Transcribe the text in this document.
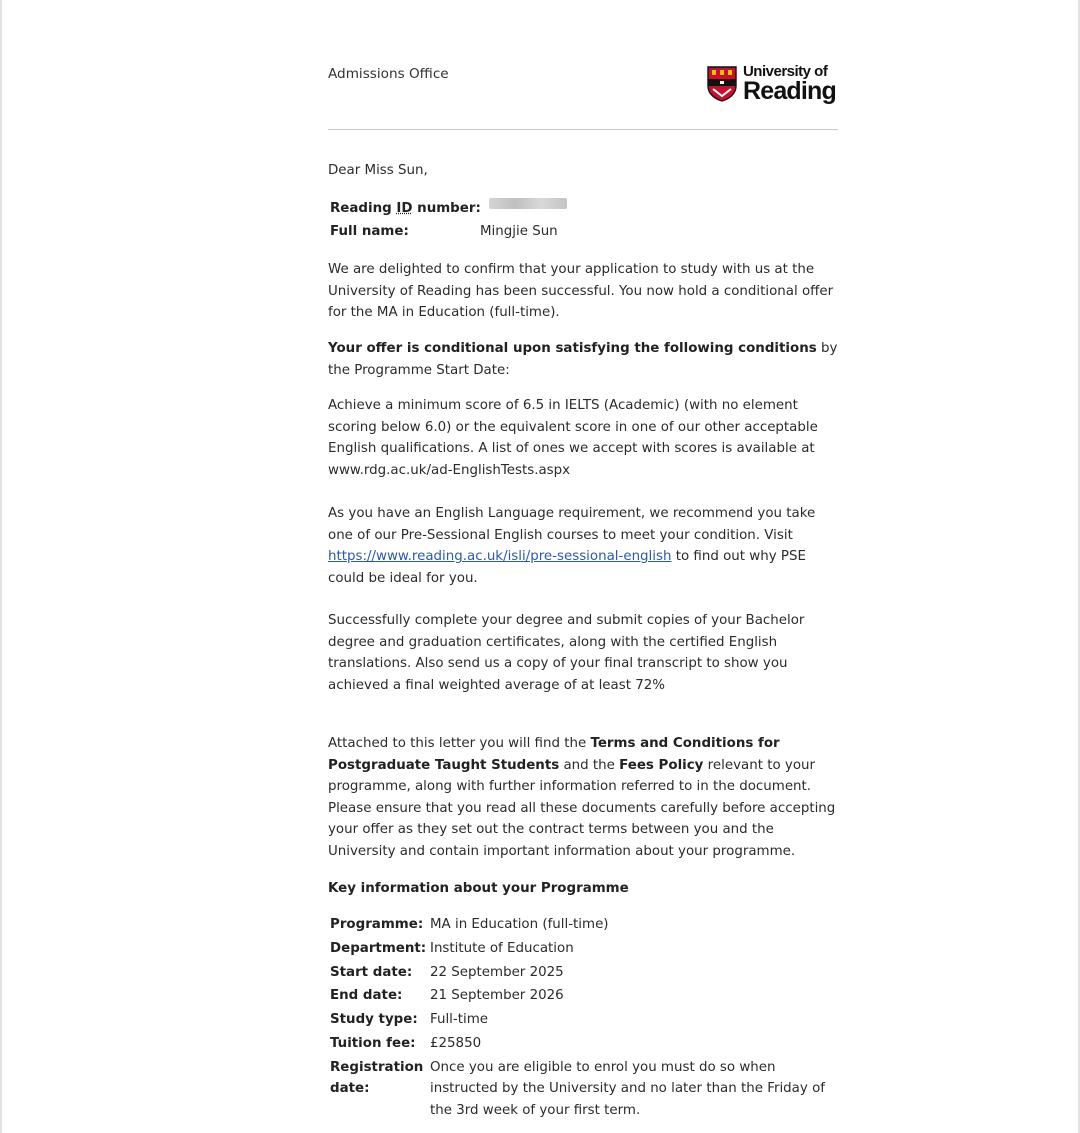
Admissions Office	University of
Reading

Dear Miss Sun,

Reading ID number:
Full name:	Mingjie Sun

We are delighted to confirm that your application to study with us at the University of Reading has been successful. You now hold a conditional offer for the MA in Education (full-time).

Your offer is conditional upon satisfying the following conditions by the Programme Start Date:

Achieve a minimum score of 6.5 in IELTS (Academic) (with no element scoring below 6.0) or the equivalent score in one of our other acceptable English qualifications. A list of ones we accept with scores is available at www.rdg.ac.uk/ad-EnglishTests.aspx

As you have an English Language requirement, we recommend you take one of our Pre-Sessional English courses to meet your condition. Visit https://www.reading.ac.uk/isli/pre-sessional-english to find out why PSE could be ideal for you.

Successfully complete your degree and submit copies of your Bachelor degree and graduation certificates, along with the certified English translations. Also send us a copy of your final transcript to show you achieved a final weighted average of at least 72%

Attached to this letter you will find the Terms and Conditions for Postgraduate Taught Students and the Fees Policy relevant to your programme, along with further information referred to in the document. Please ensure that you read all these documents carefully before accepting your offer as they set out the contract terms between you and the University and contain important information about your programme.

Key information about your Programme

Programme:	MA in Education (full-time)
Department:	Institute of Education
Start date:	22 September 2025
End date:	21 September 2026
Study type:	Full-time
Tuition fee:	£25850
Registration date:	Once you are eligible to enrol you must do so when instructed by the University and no later than the Friday of the 3rd week of your first term.
